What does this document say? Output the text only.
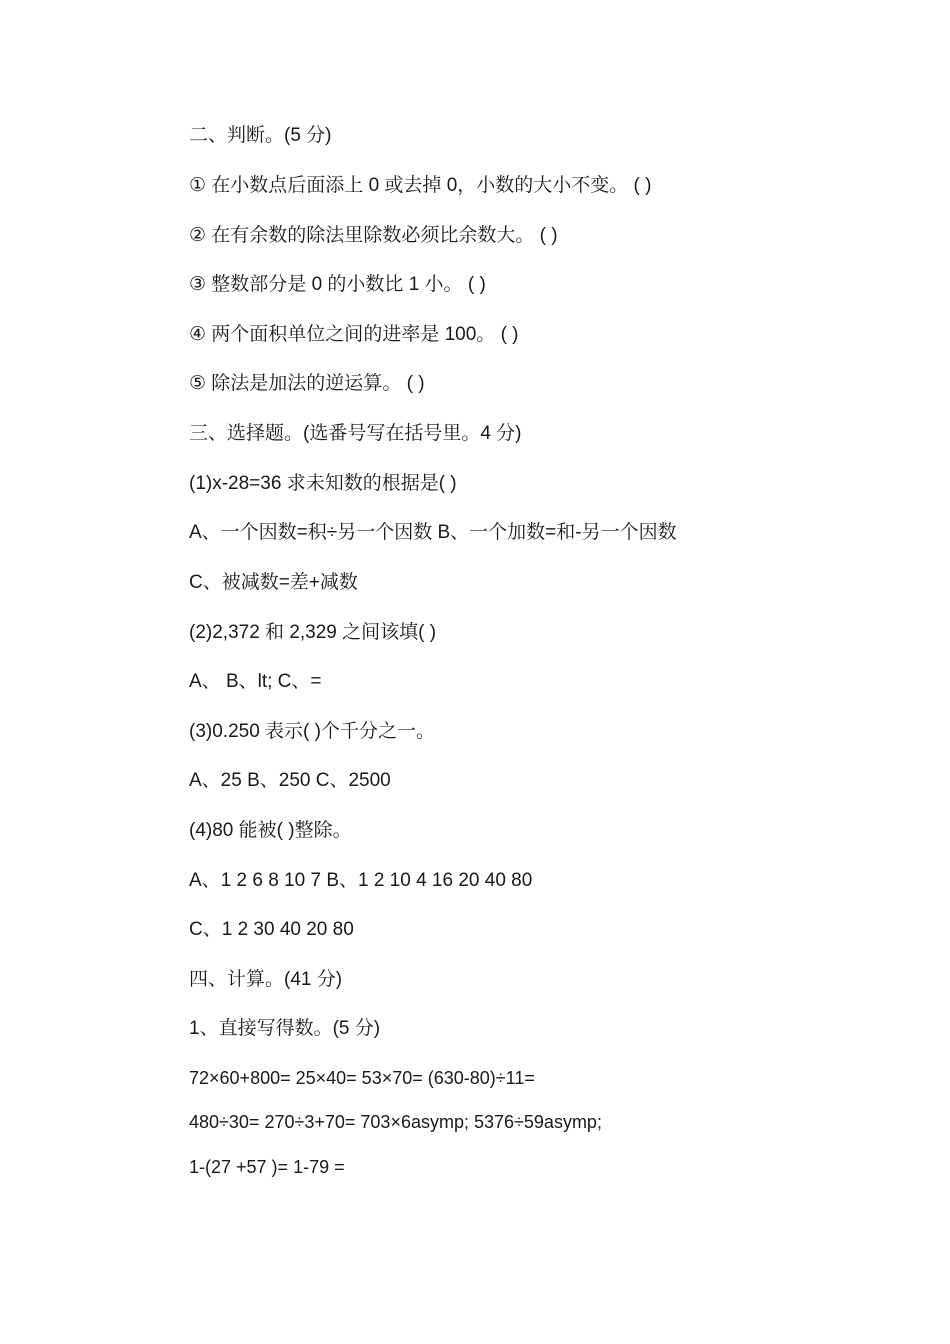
二、判断。(5 分)
① 在小数点后面添上 0 或去掉 0，小数的大小不变。 ( )
② 在有余数的除法里除数必须比余数大。 ( )
③ 整数部分是 0 的小数比 1 小。 ( )
④ 两个面积单位之间的进率是 100。 ( )
⑤ 除法是加法的逆运算。 ( )
三、选择题。(选番号写在括号里。4 分)
(1)x-28=36 求未知数的根据是( )
A、一个因数=积÷另一个因数 B、一个加数=和-另一个因数
C、被减数=差+减数
(2)2,372 和 2,329 之间该填( )
A、 B、lt; C、=
(3)0.250 表示( )个千分之一。
A、25 B、250 C、2500
(4)80 能被( )整除。
A、1 2 6 8 10 7 B、1 2 10 4 16 20 40 80
C、1 2 30 40 20 80
四、计算。(41 分)
1、直接写得数。(5 分)
72×60+800= 25×40= 53×70= (630-80)÷11=
480÷30= 270÷3+70= 703×6asymp; 5376÷59asymp;
1-(27 +57 )= 1-79 =
